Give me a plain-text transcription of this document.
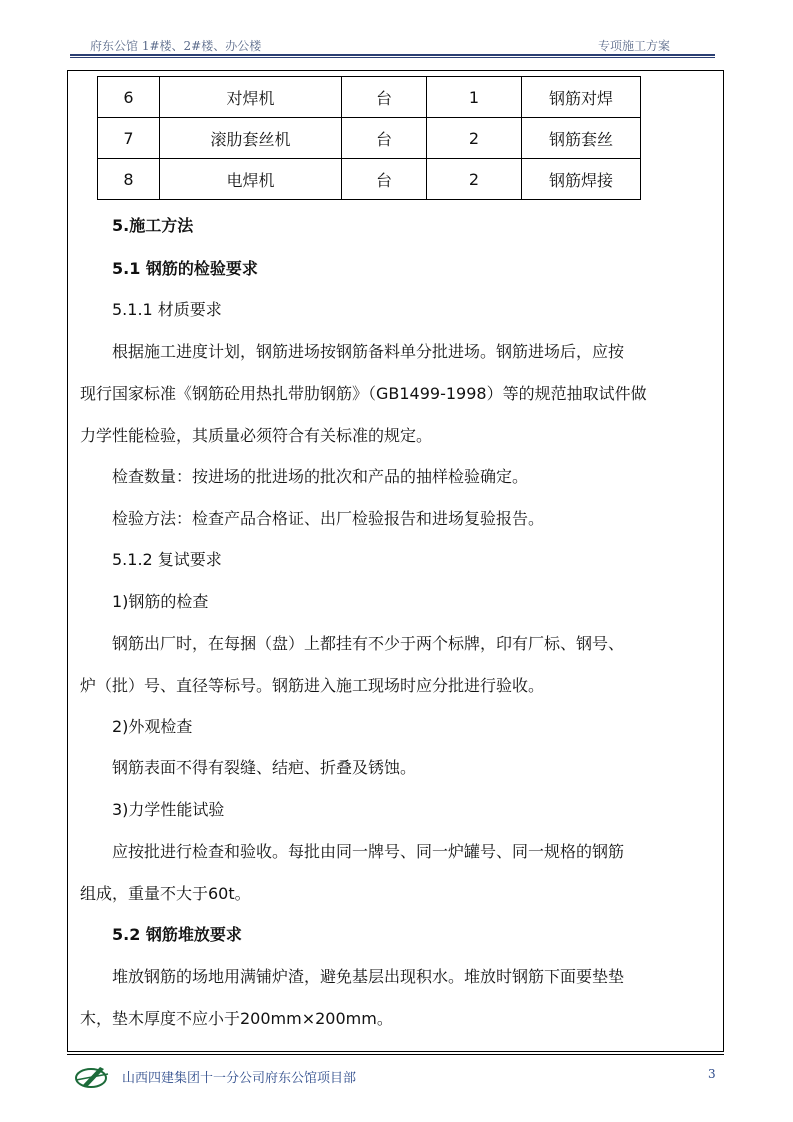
府东公馆 1#楼、2#楼、办公楼	专项施工方案
6	对焊机	台	1	钢筋对焊
7	滚肋套丝机	台	2	钢筋套丝
8	电焊机	台	2	钢筋焊接
5.施工方法
5.1 钢筋的检验要求
5.1.1 材质要求
根据施工进度计划，钢筋进场按钢筋备料单分批进场。钢筋进场后，应按
现行国家标准《钢筋砼用热扎带肋钢筋》（GB1499-1998）等的规范抽取试件做
力学性能检验，其质量必须符合有关标准的规定。
检查数量：按进场的批进场的批次和产品的抽样检验确定。
检验方法：检查产品合格证、出厂检验报告和进场复验报告。
5.1.2 复试要求
1)钢筋的检查
钢筋出厂时，在每捆（盘）上都挂有不少于两个标牌，印有厂标、钢号、
炉（批）号、直径等标号。钢筋进入施工现场时应分批进行验收。
2)外观检查
钢筋表面不得有裂缝、结疤、折叠及锈蚀。
3)力学性能试验
应按批进行检查和验收。每批由同一牌号、同一炉罐号、同一规格的钢筋
组成，重量不大于60t。
5.2 钢筋堆放要求
堆放钢筋的场地用满铺炉渣，避免基层出现积水。堆放时钢筋下面要垫垫
木，垫木厚度不应小于200mm×200mm。
山西四建集团十一分公司府东公馆项目部	3
